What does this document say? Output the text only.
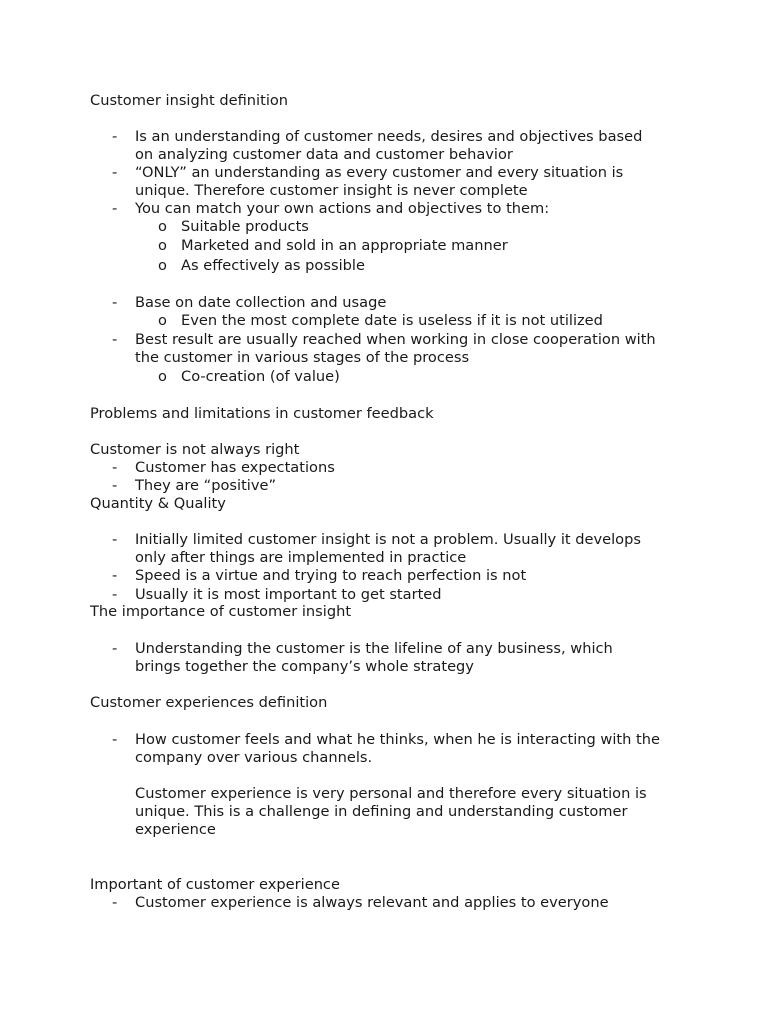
Customer insight definition
- Is an understanding of customer needs, desires and objectives based
on analyzing customer data and customer behavior
- “ONLY” an understanding as every customer and every situation is
unique. Therefore customer insight is never complete
- You can match your own actions and objectives to them:
o Suitable products
o Marketed and sold in an appropriate manner
o As effectively as possible
- Base on date collection and usage
o Even the most complete date is useless if it is not utilized
- Best result are usually reached when working in close cooperation with
the customer in various stages of the process
o Co-creation (of value)
Problems and limitations in customer feedback
Customer is not always right
- Customer has expectations
- They are “positive”
Quantity & Quality
- Initially limited customer insight is not a problem. Usually it develops
only after things are implemented in practice
- Speed is a virtue and trying to reach perfection is not
- Usually it is most important to get started
The importance of customer insight
- Understanding the customer is the lifeline of any business, which
brings together the company’s whole strategy
Customer experiences definition
- How customer feels and what he thinks, when he is interacting with the
company over various channels.
Customer experience is very personal and therefore every situation is
unique. This is a challenge in defining and understanding customer
experience
Important of customer experience
- Customer experience is always relevant and applies to everyone
